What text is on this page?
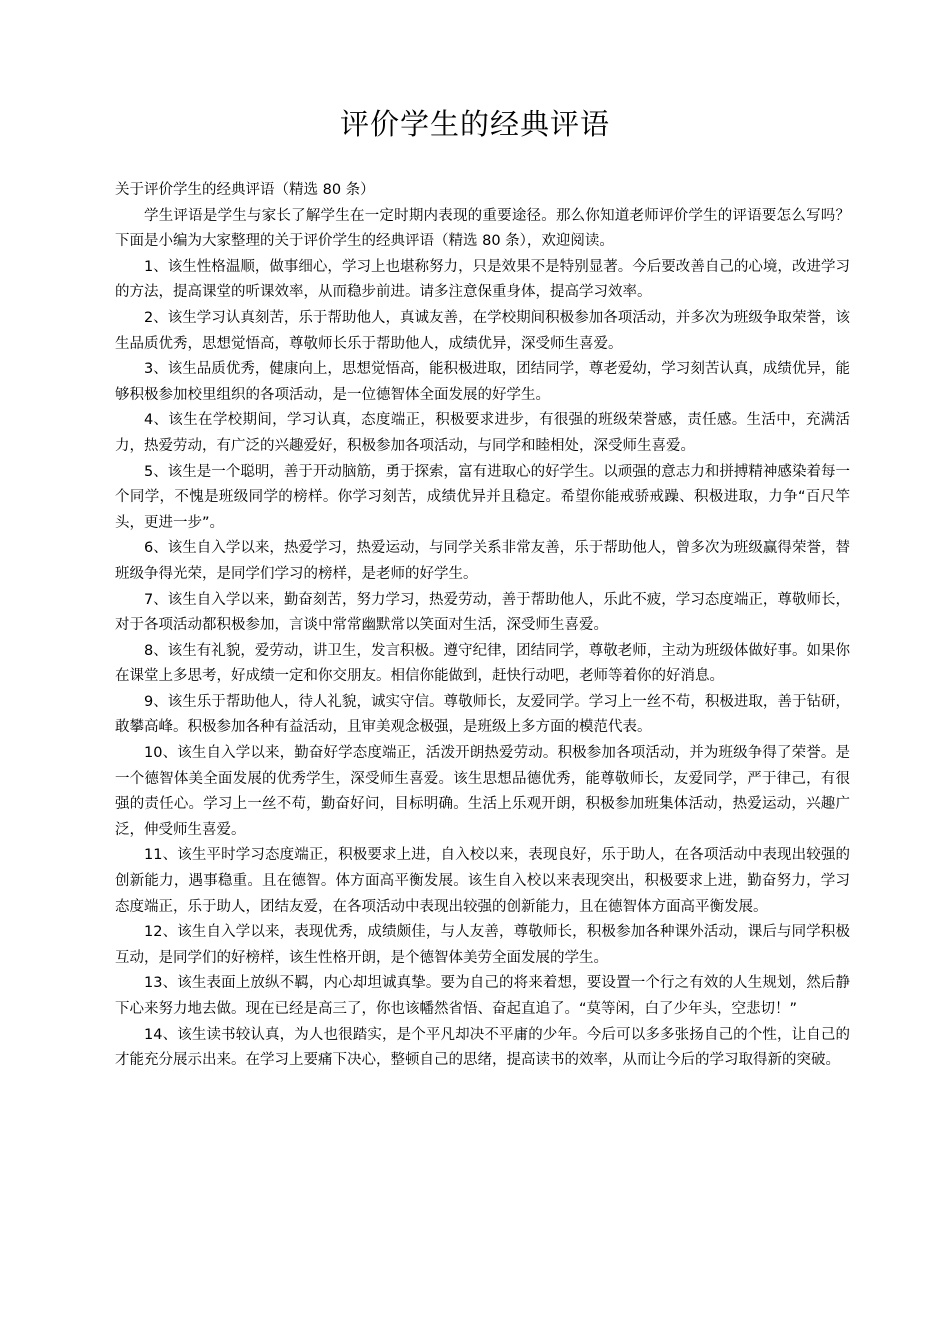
评价学生的经典评语

关于评价学生的经典评语（精选 80 条）

学生评语是学生与家长了解学生在一定时期内表现的重要途径。那么你知道老师评价学生的评语要怎么写吗？下面是小编为大家整理的关于评价学生的经典评语（精选 80 条），欢迎阅读。

1、该生性格温顺，做事细心，学习上也堪称努力，只是效果不是特别显著。今后要改善自己的心境，改进学习的方法，提高课堂的听课效率，从而稳步前进。请多注意保重身体，提高学习效率。

2、该生学习认真刻苦，乐于帮助他人，真诚友善，在学校期间积极参加各项活动，并多次为班级争取荣誉，该生品质优秀，思想觉悟高，尊敬师长乐于帮助他人，成绩优异，深受师生喜爱。

3、该生品质优秀，健康向上，思想觉悟高，能积极进取，团结同学，尊老爱幼，学习刻苦认真，成绩优异，能够积极参加校里组织的各项活动，是一位德智体全面发展的好学生。

4、该生在学校期间，学习认真，态度端正，积极要求进步，有很强的班级荣誉感，责任感。生活中，充满活力，热爱劳动，有广泛的兴趣爱好，积极参加各项活动，与同学和睦相处，深受师生喜爱。

5、该生是一个聪明，善于开动脑筋，勇于探索，富有进取心的好学生。以顽强的意志力和拼搏精神感染着每一个同学，不愧是班级同学的榜样。你学习刻苦，成绩优异并且稳定。希望你能戒骄戒躁、积极进取，力争“百尺竿头，更进一步”。

6、该生自入学以来，热爱学习，热爱运动，与同学关系非常友善，乐于帮助他人，曾多次为班级赢得荣誉，替班级争得光荣，是同学们学习的榜样，是老师的好学生。

7、该生自入学以来，勤奋刻苦，努力学习，热爱劳动，善于帮助他人，乐此不疲，学习态度端正，尊敬师长，对于各项活动都积极参加，言谈中常常幽默常以笑面对生活，深受师生喜爱。

8、该生有礼貌，爱劳动，讲卫生，发言积极。遵守纪律，团结同学，尊敬老师，主动为班级体做好事。如果你在课堂上多思考，好成绩一定和你交朋友。相信你能做到，赶快行动吧，老师等着你的好消息。

9、该生乐于帮助他人，待人礼貌，诚实守信。尊敬师长，友爱同学。学习上一丝不苟，积极进取，善于钻研，敢攀高峰。积极参加各种有益活动，且审美观念极强，是班级上多方面的模范代表。

10、该生自入学以来，勤奋好学态度端正，活泼开朗热爱劳动。积极参加各项活动，并为班级争得了荣誉。是一个德智体美全面发展的优秀学生，深受师生喜爱。该生思想品德优秀，能尊敬师长，友爱同学，严于律己，有很强的责任心。学习上一丝不苟，勤奋好问，目标明确。生活上乐观开朗，积极参加班集体活动，热爱运动，兴趣广泛，伸受师生喜爱。

11、该生平时学习态度端正，积极要求上进，自入校以来，表现良好，乐于助人，在各项活动中表现出较强的创新能力，遇事稳重。且在德智。体方面高平衡发展。该生自入校以来表现突出，积极要求上进，勤奋努力，学习态度端正，乐于助人，团结友爱，在各项活动中表现出较强的创新能力，且在德智体方面高平衡发展。

12、该生自入学以来，表现优秀，成绩颇佳，与人友善，尊敬师长，积极参加各种课外活动，课后与同学积极互动，是同学们的好榜样，该生性格开朗，是个德智体美劳全面发展的学生。

13、该生表面上放纵不羁，内心却坦诚真挚。要为自己的将来着想，要设置一个行之有效的人生规划，然后静下心来努力地去做。现在已经是高三了，你也该幡然省悟、奋起直追了。“莫等闲，白了少年头，空悲切！”

14、该生读书较认真，为人也很踏实，是个平凡却决不平庸的少年。今后可以多多张扬自己的个性，让自己的才能充分展示出来。在学习上要痛下决心，整顿自己的思绪，提高读书的效率，从而让今后的学习取得新的突破。
